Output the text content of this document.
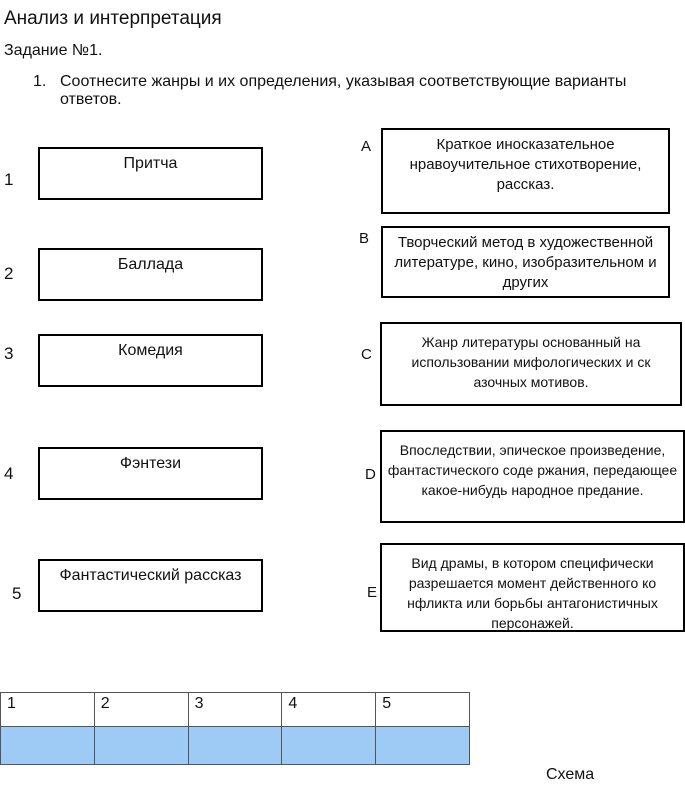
Анализ и интерпретация
Задание №1.
1. Соотнесите жанры и их определения, указывая соответствующие варианты ответов.
1
Притча
2	Баллада
3	Комедия
4
Фэнтези
5
Фантастический рассказ
A	Краткое иносказательное нравоучительное стихотворение, рассказ.
B	Творческий метод в художественной литературе, кино, изобразительном и других
C
Жанр литературы основанный на использовании мифологических и ск азочных мотивов.
D
Впоследствии, эпическое произведение, фантастического соде ржания, передающее какое-нибудь народное предание.
E
Вид драмы, в котором специфически разрешается момент действенного ко нфликта или борьбы антагонистичных персонажей.
1	2	3	4	5

Схема
